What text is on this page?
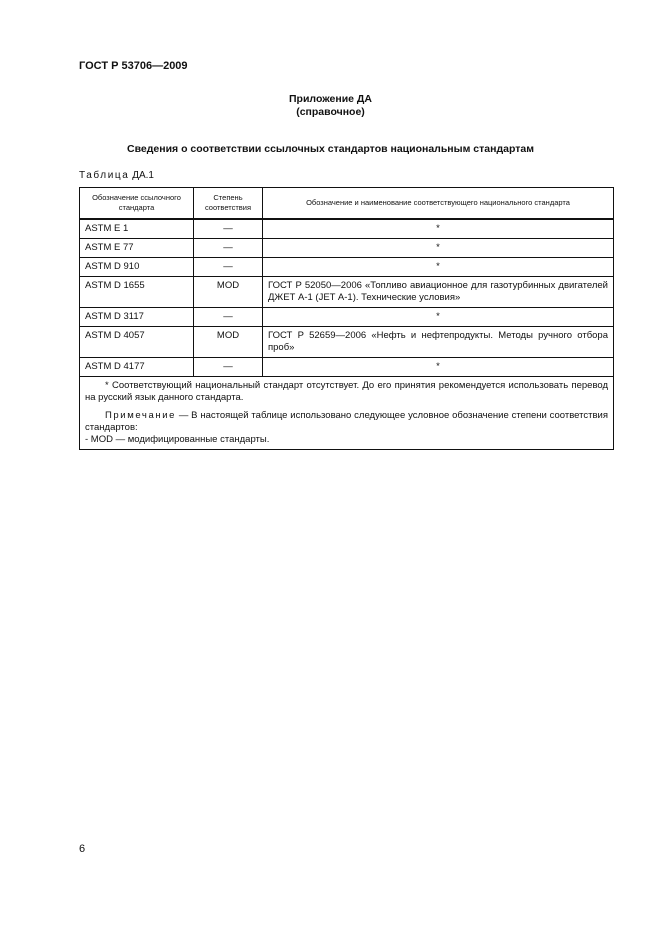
ГОСТ Р 53706—2009
Приложение ДА
(справочное)
Сведения о соответствии ссылочных стандартов национальным стандартам
Таблица ДА.1
Обозначение ссылочного стандарта	Степень соответствия	Обозначение и наименование соответствующего национального стандарта
ASTM E 1	—	*
ASTM E 77	—	*
ASTM D 910	—	*
ASTM D 1655	MOD	ГОСТ Р 52050—2006 «Топливо авиационное для газотурбинных двигателей ДЖЕТ А-1 (JET А-1). Технические условия»
ASTM D 3117	—	*
ASTM D 4057	MOD	ГОСТ Р 52659—2006 «Нефть и нефтепродукты. Методы ручного отбора проб»
ASTM D 4177	—	*

* Соответствующий национальный стандарт отсутствует. До его принятия рекомендуется использовать перевод на русский язык данного стандарта.

Примечание — В настоящей таблице использовано следующее условное обозначение степени соответствия стандартов:

- MOD — модифицированные стандарты.		

6
